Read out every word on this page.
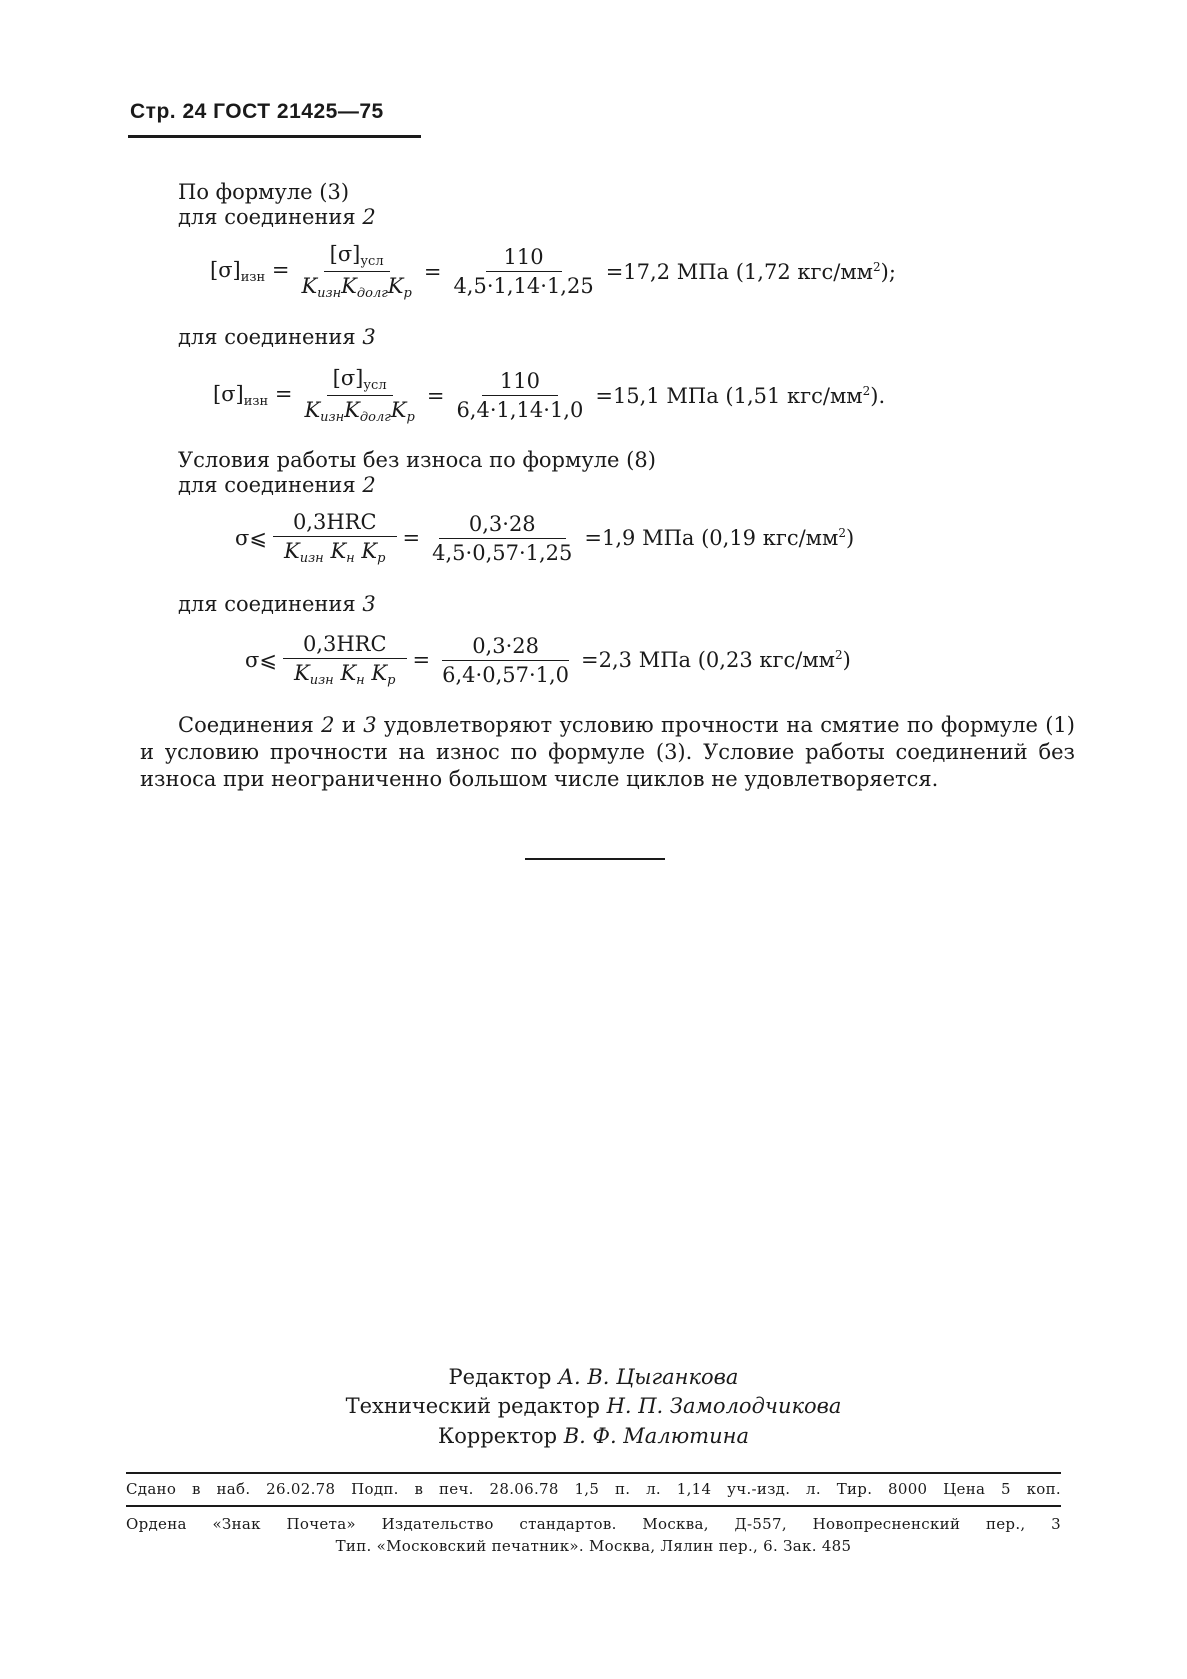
Стр. 24 ГОСТ 21425—75
По формуле (3)
для соединения 2
$[\sigma]_{изн} = \frac{[\sigma]_{усл}}{K_{изн}K_{долг}K_р} = \frac{110}{4,5\cdot 1,14\cdot 1,25} =17,2$ МПа (1,72 кгс/$мм^2$);
для соединения 3
$[\sigma]_{изн} = \frac{[\sigma]_{усл}}{K_{изн}K_{долг}K_р} = \frac{110}{6,4\cdot 1,14\cdot 1,0} =15,1$ МПа (1,51 кгс/$мм^2$).
Условия работы без износа по формуле (8)
для соединения 2
σ⩽ $\frac{\text{0,3HRC}}{K_{изн} K_н K_р} = \frac{0,3\cdot 28}{4,5\cdot 0,57\cdot 1,25} =1,9$ МПа (0,19 кгс/$мм^2$)
для соединения 3
σ⩽ $\frac{\text{0,3HRC}}{K_{изн} K_н K_р} = \frac{0,3\cdot 28}{6,4\cdot 0,57\cdot 1,0} =2,3$ МПа (0,23 кгс/$мм^2$)
Соединения 2 и 3 удовлетворяют условию прочности на смятие по формуле (1) и условию прочности на износ по формуле (3). Условие работы соединений без износа при неограниченно большом числе циклов не удовлетворяется.
Редактор А. В. Цыганкова
Технический редактор Н. П. Замолодчикова
Корректор В. Ф. Малютина
Сдано в наб. 26.02.78 Подп. в печ. 28.06.78 1,5 п. л. 1,14 уч.-изд. л. Тир. 8000 Цена 5 коп.
Ордена «Знак Почета» Издательство стандартов. Москва, Д-557, Новопресненский пер., 3
Тип. «Московский печатник». Москва, Лялин пер., 6. Зак. 485
